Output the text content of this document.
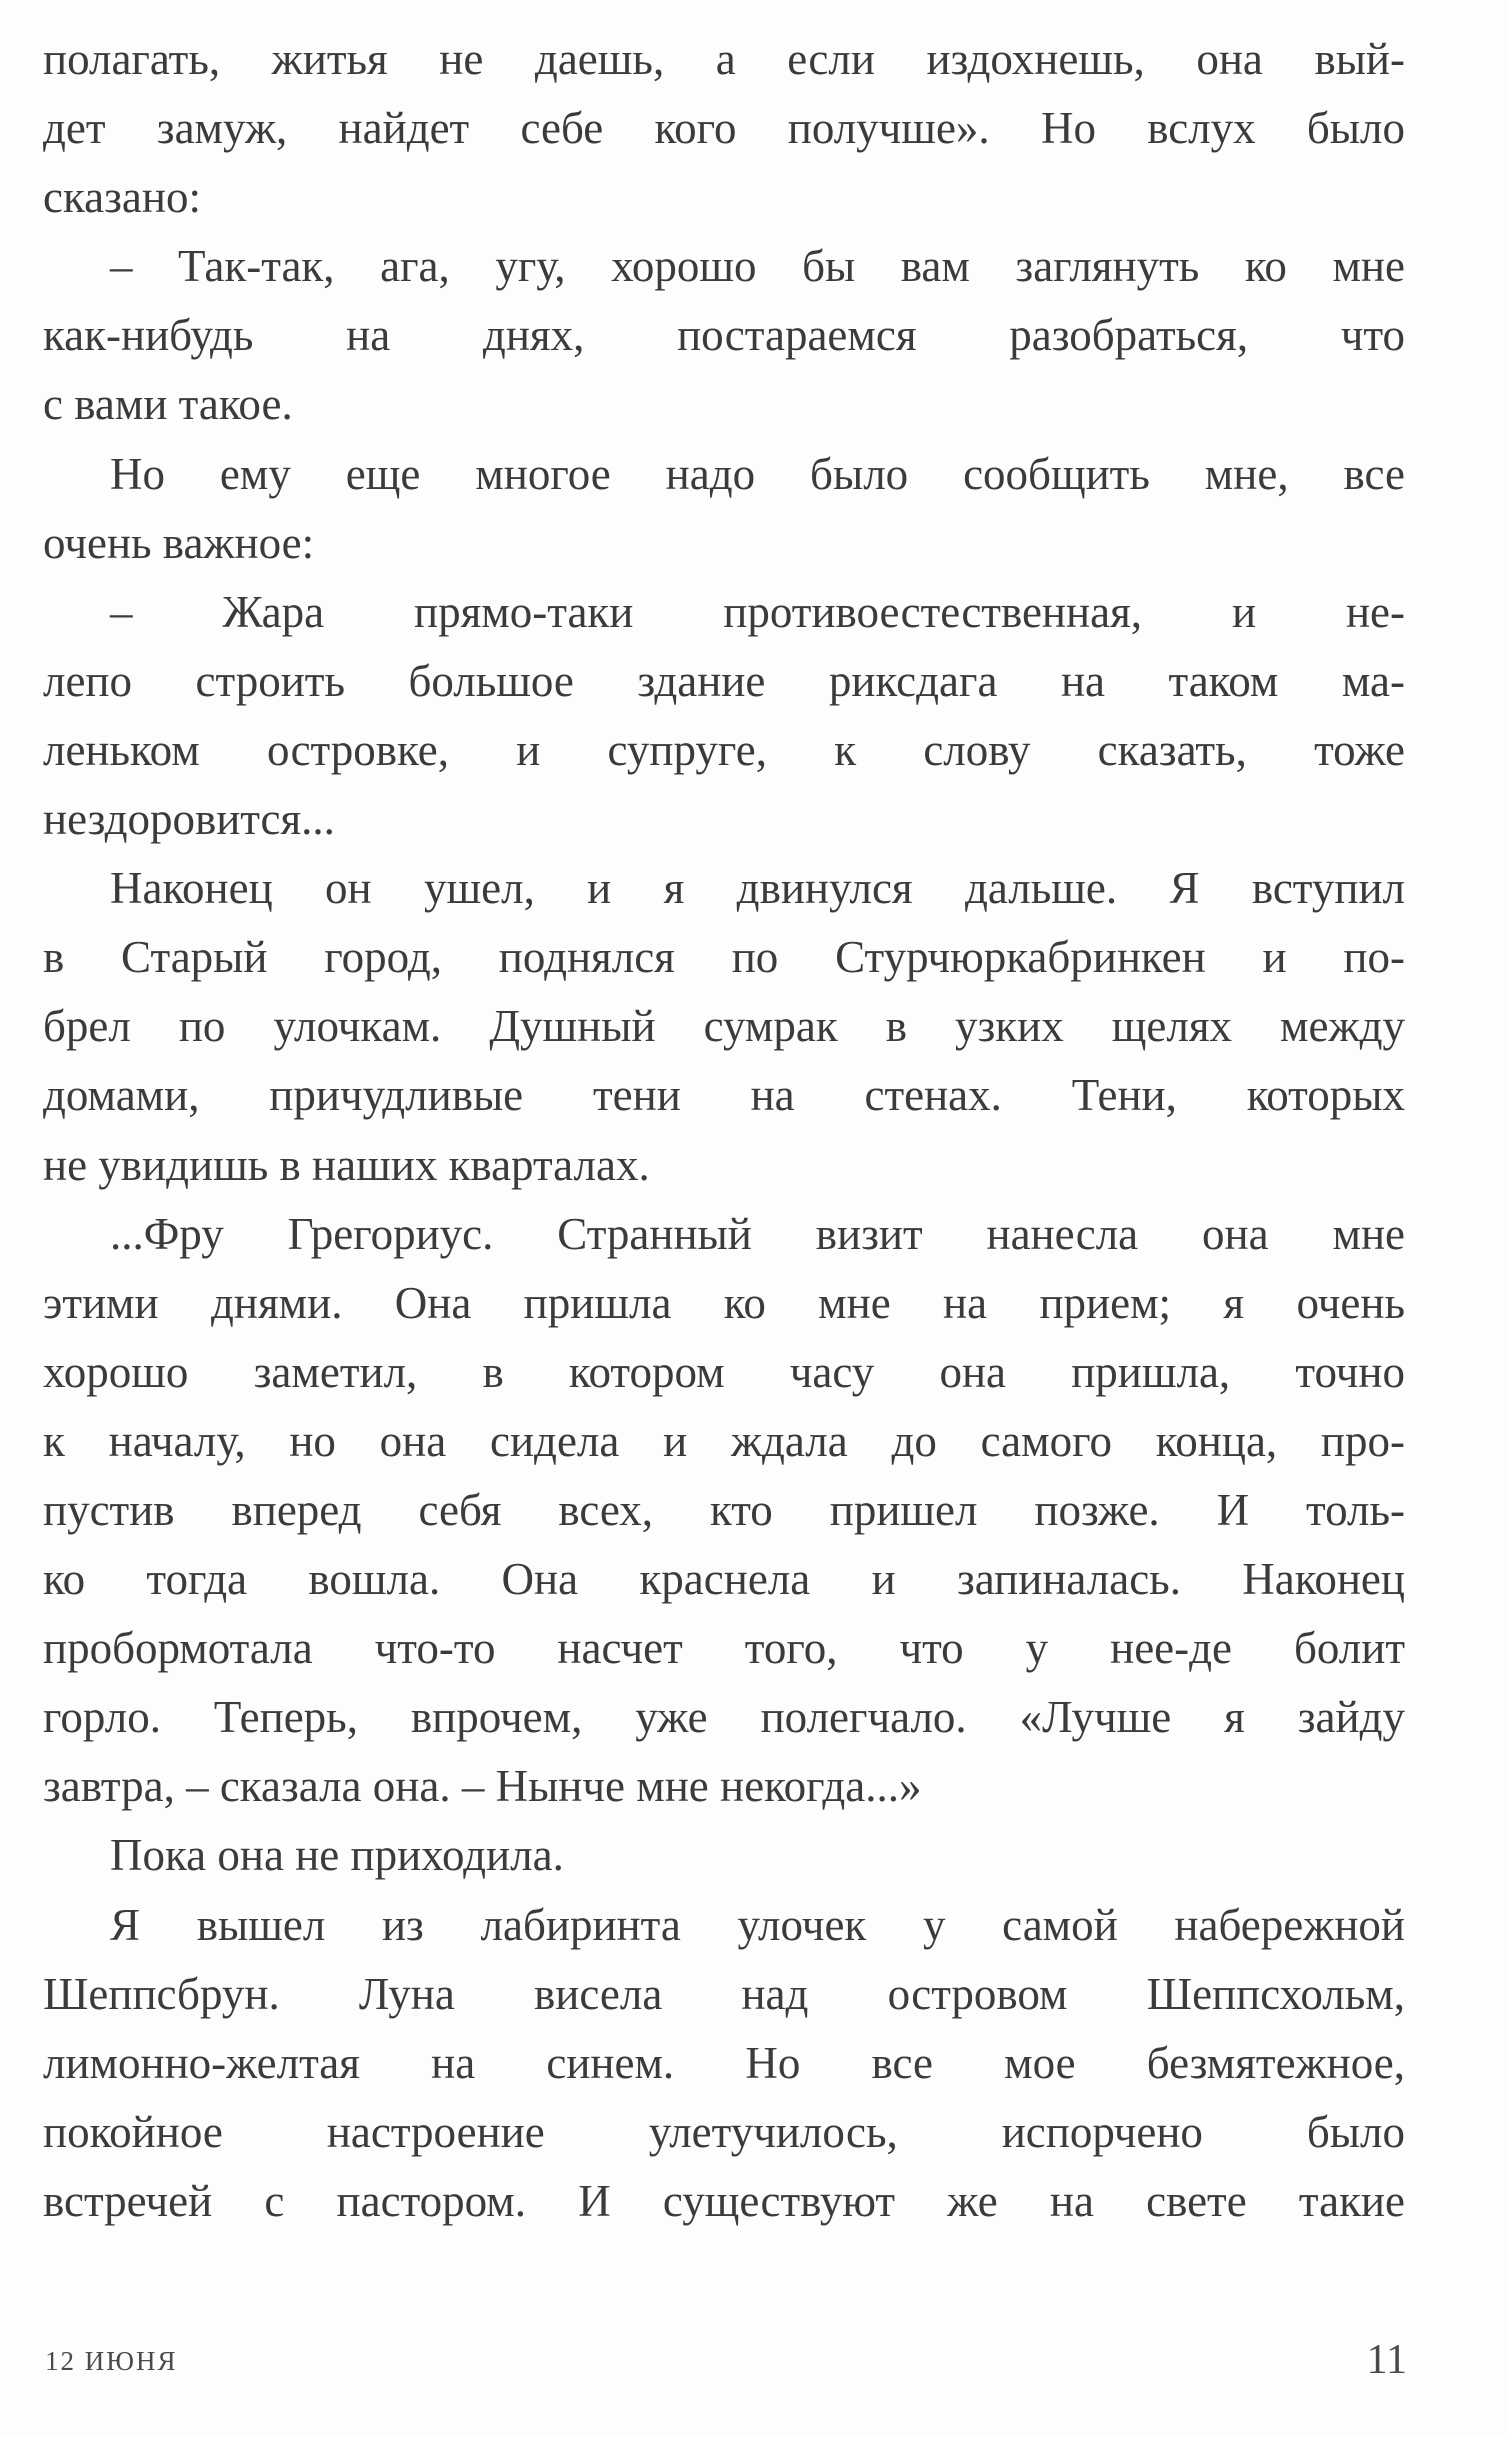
полагать, житья не даешь, а если издохнешь, она вый-
дет замуж, найдет себе кого получше». Но вслух было
сказано:
– Так-так, ага, угу, хорошо бы вам заглянуть ко мне
как-нибудь на днях, постараемся разобраться, что
с вами такое.
Но ему еще многое надо было сообщить мне, все
очень важное:
– Жара прямо-таки противоестественная, и не-
лепо строить большое здание риксдага на таком ма-
леньком островке, и супруге, к слову сказать, тоже
нездоровится...
Наконец он ушел, и я двинулся дальше. Я вступил
в Старый город, поднялся по Стурчюркабринкен и по-
брел по улочкам. Душный сумрак в узких щелях между
домами, причудливые тени на стенах. Тени, которых
не увидишь в наших кварталах.
...Фру Грегориус. Странный визит нанесла она мне
этими днями. Она пришла ко мне на прием; я очень
хорошо заметил, в котором часу она пришла, точно
к началу, но она сидела и ждала до самого конца, про-
пустив вперед себя всех, кто пришел позже. И толь-
ко тогда вошла. Она краснела и запиналась. Наконец
пробормотала что-то насчет того, что у нее-де болит
горло. Теперь, впрочем, уже полегчало. «Лучше я зайду
завтра, – сказала она. – Нынче мне некогда...»
Пока она не приходила.
Я вышел из лабиринта улочек у самой набережной
Шеппсбрун. Луна висела над островом Шеппсхольм,
лимонно-желтая на синем. Но все мое безмятежное,
покойное настроение улетучилось, испорчено было
встречей с пастором. И существуют же на свете такие
12 ИЮНЯ	11
